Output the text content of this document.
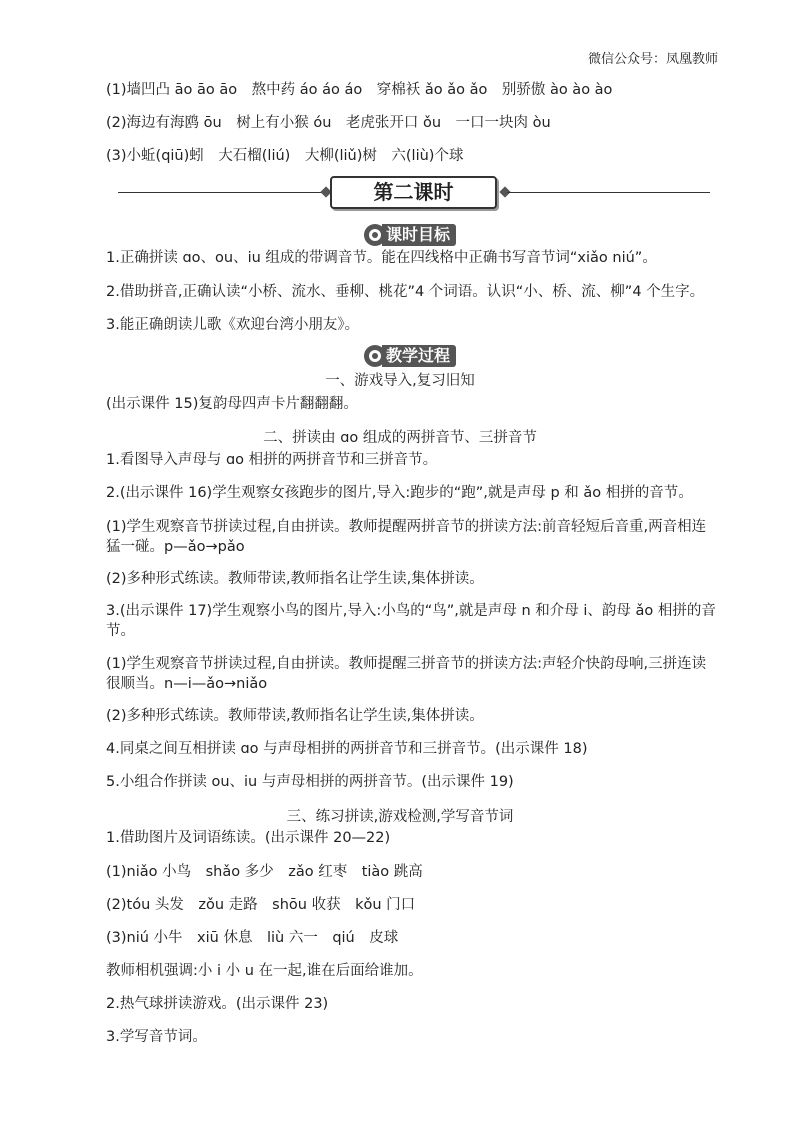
微信公众号：凤凰教师
(1)墙凹凸 āo āo āo　熬中药 áo áo áo　穿棉袄 ǎo ǎo ǎo　别骄傲 ào ào ào
(2)海边有海鸥 ōu　树上有小猴 óu　老虎张开口 ǒu　一口一块肉 òu
(3)小蚯(qiū)蚓　大石榴(liú)　大柳(liǔ)树　六(liù)个球
第二课时
课时目标
1.正确拼读 ɑo、ou、iu 组成的带调音节。能在四线格中正确书写音节词“xiǎo niú”。
2.借助拼音,正确认读“小桥、流水、垂柳、桃花”4 个词语。认识“小、桥、流、柳”4 个生字。
3.能正确朗读儿歌《欢迎台湾小朋友》。
教学过程
一、游戏导入,复习旧知
(出示课件 15)复韵母四声卡片翻翻翻。
二、拼读由 ɑo 组成的两拼音节、三拼音节
1.看图导入声母与 ɑo 相拼的两拼音节和三拼音节。
2.(出示课件 16)学生观察女孩跑步的图片,导入:跑步的“跑”,就是声母 p 和 ǎo 相拼的音节。
(1)学生观察音节拼读过程,自由拼读。教师提醒两拼音节的拼读方法:前音轻短后音重,两音相连猛一碰。p—ǎo→pǎo
(2)多种形式练读。教师带读,教师指名让学生读,集体拼读。
3.(出示课件 17)学生观察小鸟的图片,导入:小鸟的“鸟”,就是声母 n 和介母 i、韵母 ǎo 相拼的音节。
(1)学生观察音节拼读过程,自由拼读。教师提醒三拼音节的拼读方法:声轻介快韵母响,三拼连读很顺当。n—i—ǎo→niǎo
(2)多种形式练读。教师带读,教师指名让学生读,集体拼读。
4.同桌之间互相拼读 ɑo 与声母相拼的两拼音节和三拼音节。(出示课件 18)
5.小组合作拼读 ou、iu 与声母相拼的两拼音节。(出示课件 19)
三、练习拼读,游戏检测,学写音节词
1.借助图片及词语练读。(出示课件 20—22)
(1)niǎo 小鸟　shǎo 多少　zǎo 红枣　tiào 跳高
(2)tóu 头发　zǒu 走路　shōu 收获　kǒu 门口
(3)niú 小牛　xiū 休息　liù 六一　qiú　皮球
教师相机强调:小 i 小 u 在一起,谁在后面给谁加。
2.热气球拼读游戏。(出示课件 23)
3.学写音节词。
